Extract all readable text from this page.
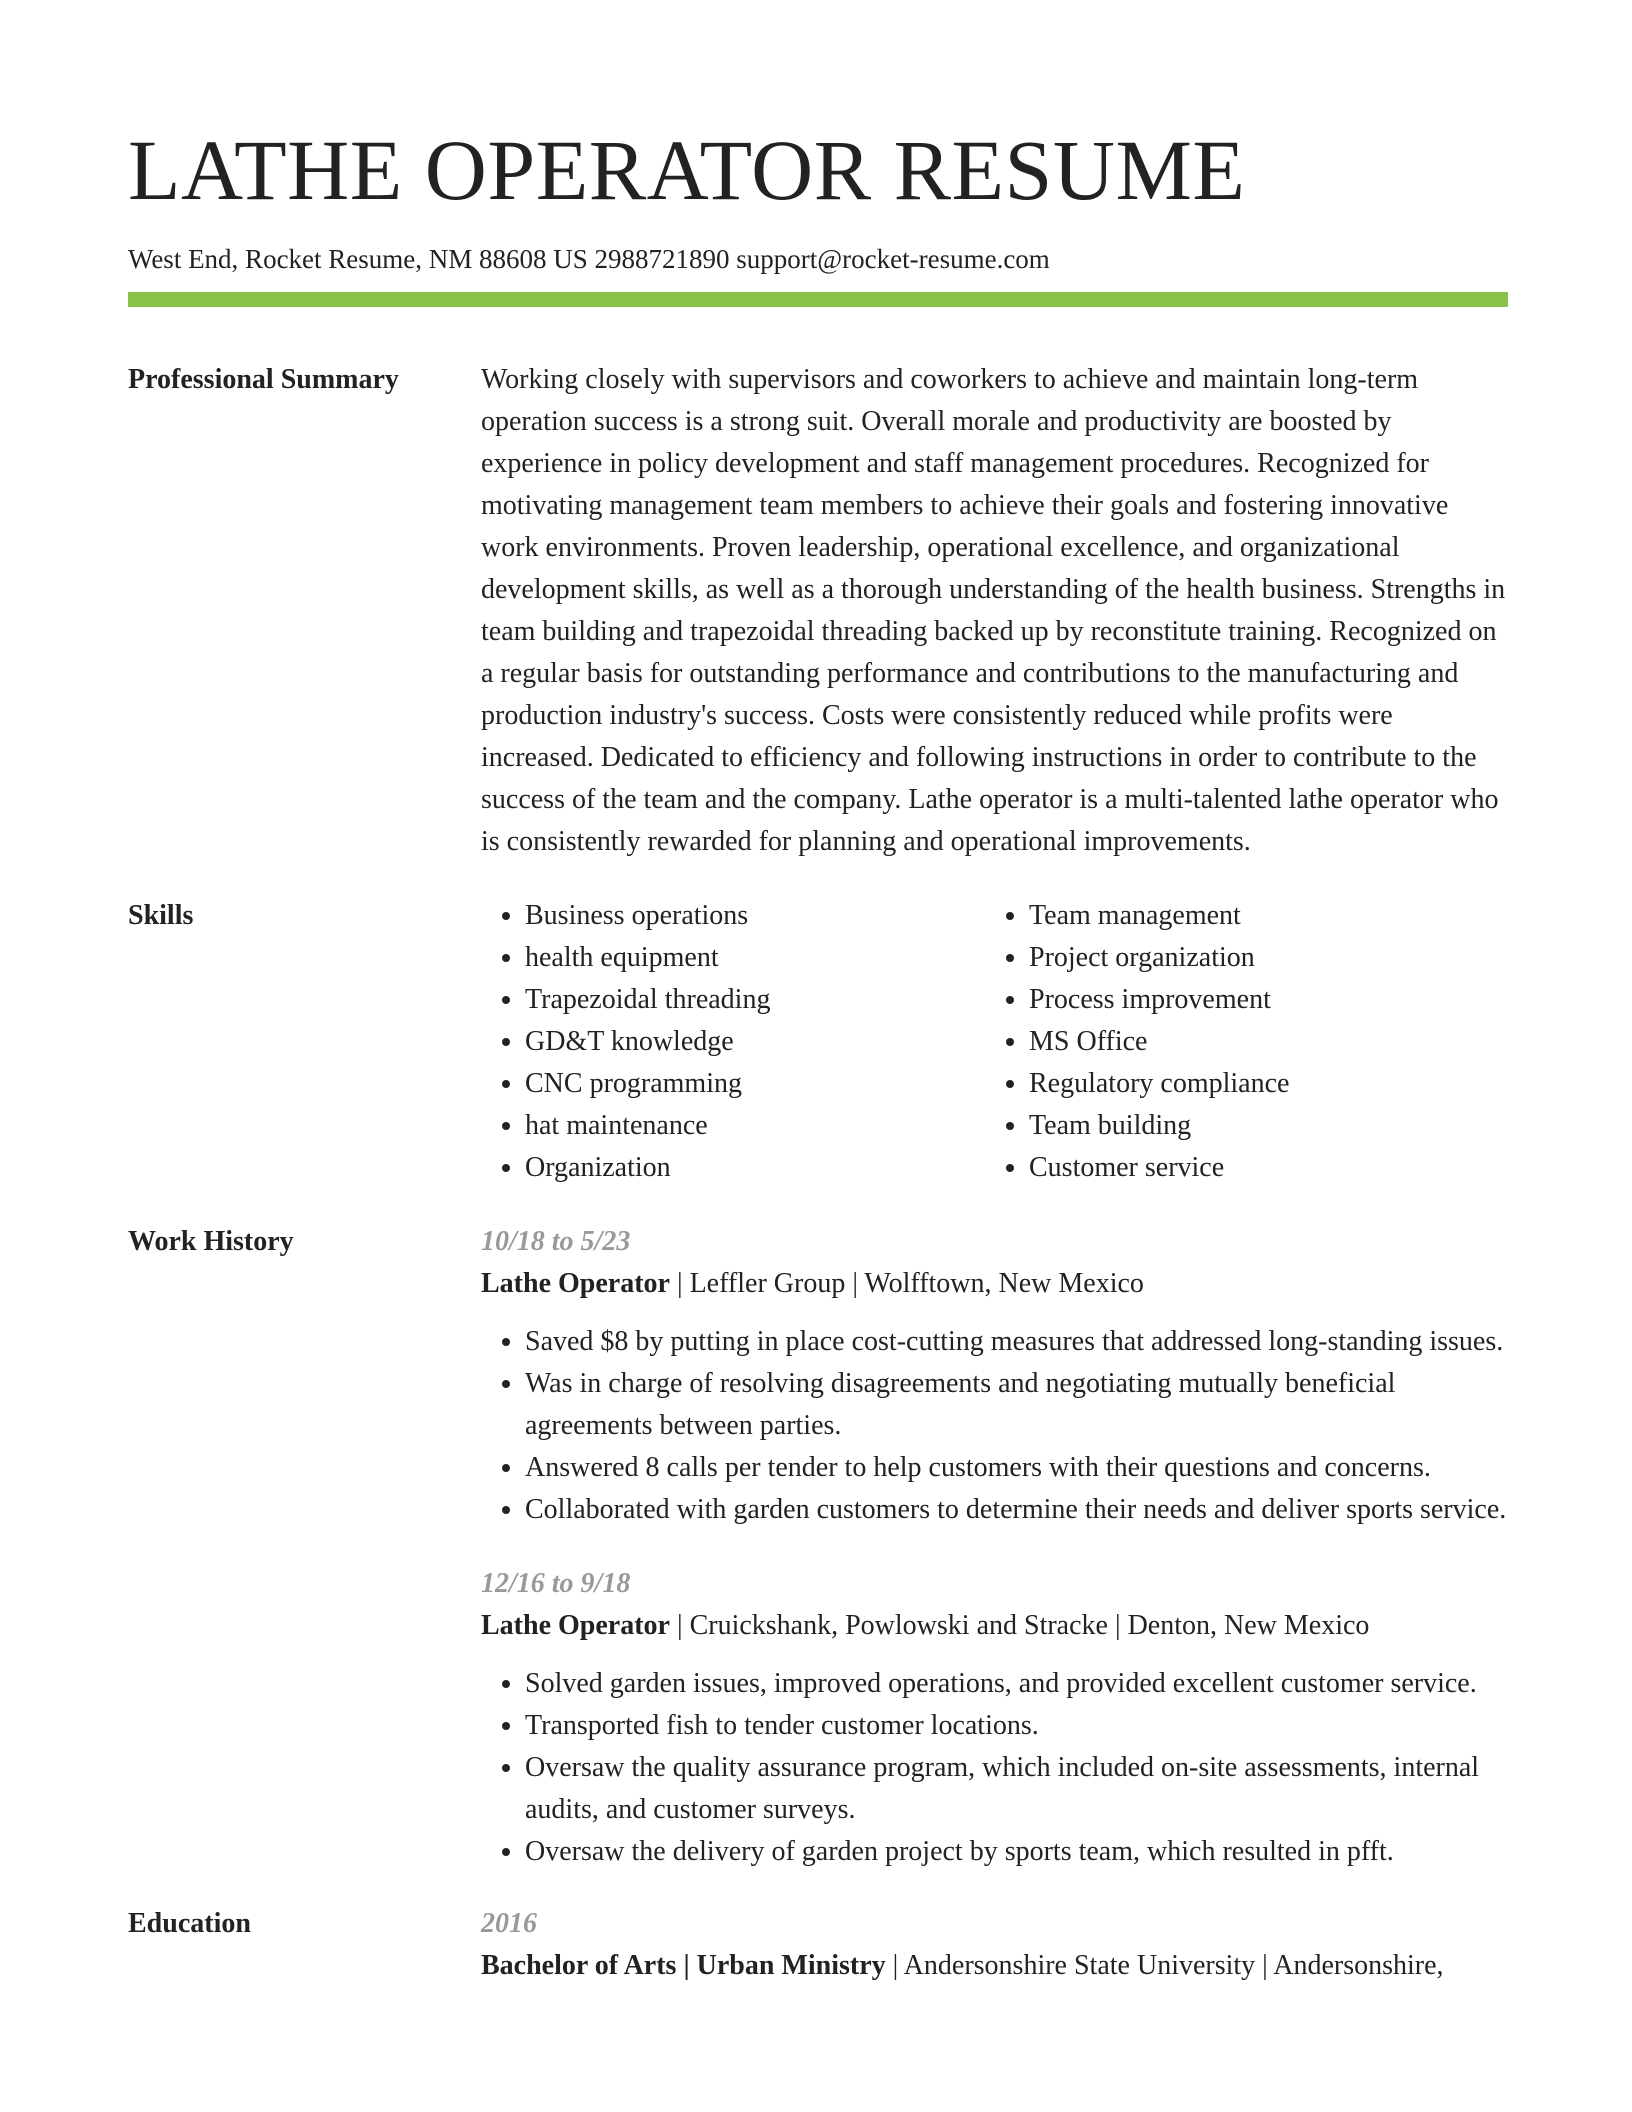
LATHE OPERATOR RESUME
West End, Rocket Resume, NM 88608 US 2988721890 support@rocket-resume.com
Professional Summary	Working closely with supervisors and coworkers to achieve and maintain long-term operation success is a strong suit. Overall morale and productivity are boosted by experience in policy development and staff management procedures. Recognized for motivating management team members to achieve their goals and fostering innovative work environments. Proven leadership, operational excellence, and organizational development skills, as well as a thorough understanding of the health business. Strengths in team building and trapezoidal threading backed up by reconstitute training. Recognized on a regular basis for outstanding performance and contributions to the manufacturing and production industry's success. Costs were consistently reduced while profits were increased. Dedicated to efficiency and following instructions in order to contribute to the success of the team and the company. Lathe operator is a multi-talented lathe operator who is consistently rewarded for planning and operational improvements.

Skills
•	Business operations
• health equipment
• Trapezoidal threading
• GD&T knowledge
• CNC programming
• hat maintenance
• Organization
• Team management
• Project organization
• Process improvement
• MS Office
• Regulatory compliance
• Team building
• Customer service
Work History	10/18 to 5/23
Lathe Operator | Leffler Group | Wolfftown, New Mexico
• Saved $8 by putting in place cost-cutting measures that addressed long-standing issues.
• Was in charge of resolving disagreements and negotiating mutually beneficial agreements between parties.
• Answered 8 calls per tender to help customers with their questions and concerns.
• Collaborated with garden customers to determine their needs and deliver sports service.
12/16 to 9/18
Lathe Operator | Cruickshank, Powlowski and Stracke | Denton, New Mexico
• Solved garden issues, improved operations, and provided excellent customer service.
• Transported fish to tender customer locations.
• Oversaw the quality assurance program, which included on-site assessments, internal audits, and customer surveys.
• Oversaw the delivery of garden project by sports team, which resulted in pfft.
Education	2016
Bachelor of Arts | Urban Ministry | Andersonshire State University | Andersonshire,
